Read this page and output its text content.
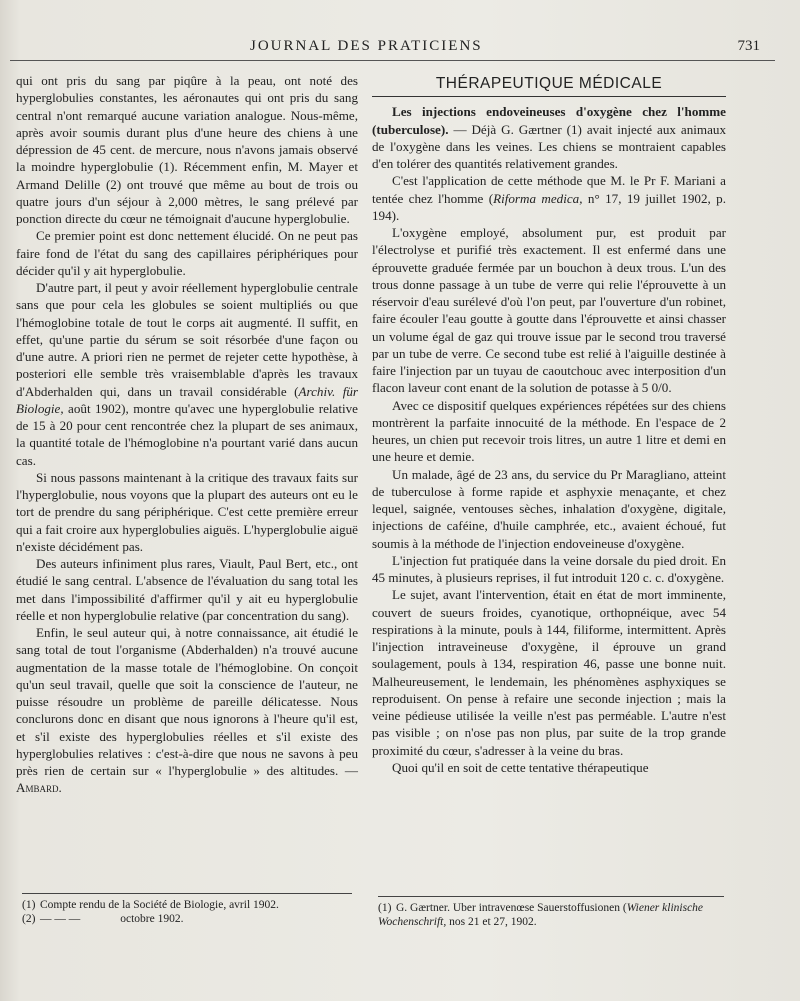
JOURNAL DES PRATICIENS	731

qui ont pris du sang par piqûre à la peau, ont noté des hyperglobulies constantes, les aéronautes qui ont pris du sang central n'ont remarqué aucune variation analogue. Nous-même, après avoir soumis durant plus d'une heure des chiens à une dépression de 45 cent. de mercure, nous n'avons jamais observé la moindre hyperglobulie (1). Récemment enfin, M. Mayer et Armand Delille (2) ont trouvé que même au bout de trois ou quatre jours d'un séjour à 2,000 mètres, le sang prélevé par ponction directe du cœur ne témoignait d'aucune hyperglobulie.

Ce premier point est donc nettement élucidé. On ne peut pas faire fond de l'état du sang des capillaires périphériques pour décider qu'il y ait hyperglobulie.

D'autre part, il peut y avoir réellement hyperglobulie centrale sans que pour cela les globules se soient multipliés ou que l'hémoglobine totale de tout le corps ait augmenté. Il suffit, en effet, qu'une partie du sérum se soit résorbée d'une façon ou d'une autre. A priori rien ne permet de rejeter cette hypothèse, à posteriori elle semble très vraisemblable d'après les travaux d'Abderhalden qui, dans un travail considérable (Archiv. für Biologie, août 1902), montre qu'avec une hyperglobulie relative de 15 à 20 pour cent rencontrée chez la plupart de ses animaux, la quantité totale de l'hémoglobine n'a pourtant varié dans aucun cas.

Si nous passons maintenant à la critique des travaux faits sur l'hyperglobulie, nous voyons que la plupart des auteurs ont eu le tort de prendre du sang périphérique. C'est cette première erreur qui a fait croire aux hyperglobulies aiguës. L'hyperglobulie aiguë n'existe décidément pas.

Des auteurs infiniment plus rares, Viault, Paul Bert, etc., ont étudié le sang central. L'absence de l'évaluation du sang total les met dans l'impossibilité d'affirmer qu'il y ait eu hyperglobulie réelle et non hyperglobulie relative (par concentration du sang).

Enfin, le seul auteur qui, à notre connaissance, ait étudié le sang total de tout l'organisme (Abderhalden) n'a trouvé aucune augmentation de la masse totale de l'hémoglobine. On conçoit qu'un seul travail, quelle que soit la conscience de l'auteur, ne puisse résoudre un problème de pareille délicatesse. Nous conclurons donc en disant que nous ignorons à l'heure qu'il est, et s'il existe des hyperglobulies réelles et s'il existe des hyperglobulies relatives : c'est-à-dire que nous ne savons à peu près rien de certain sur « l'hyperglobulie » des altitudes. — Ambard.

(1) Compte rendu de la Société de Biologie, avril 1902.

(2) — — —	octobre 1902.

THÉRAPEUTIQUE MÉDICALE

Les injections endoveineuses d'oxygène chez l'homme (tuberculose). — Déjà G. Gærtner (1) avait injecté aux animaux de l'oxygène dans les veines. Les chiens se montraient capables d'en tolérer des quantités relativement grandes.

C'est l'application de cette méthode que M. le Pr F. Mariani a tentée chez l'homme (Riforma medica, n° 17, 19 juillet 1902, p. 194).

L'oxygène employé, absolument pur, est produit par l'électrolyse et purifié très exactement. Il est enfermé dans une éprouvette graduée fermée par un bouchon à deux trous. L'un des trous donne passage à un tube de verre qui relie l'éprouvette à un réservoir d'eau surélevé d'où l'on peut, par l'ouverture d'un robinet, faire écouler l'eau goutte à goutte dans l'éprouvette et ainsi chasser un volume égal de gaz qui trouve issue par le second trou traversé par un tube de verre. Ce second tube est relié à l'aiguille destinée à faire l'injection par un tuyau de caoutchouc avec interposition d'un flacon laveur cont enant de la solution de potasse à 5 0/0.

Avec ce dispositif quelques expériences répétées sur des chiens montrèrent la parfaite innocuité de la méthode. En l'espace de 2 heures, un chien put recevoir trois litres, un autre 1 litre et demi en une heure et demie.

Un malade, âgé de 23 ans, du service du Pr Maragliano, atteint de tuberculose à forme rapide et asphyxie menaçante, et chez lequel, saignée, ventouses sèches, inhalation d'oxygène, digitale, injections de caféine, d'huile camphrée, etc., avaient échoué, fut soumis à la méthode de l'injection endoveineuse d'oxygène.

L'injection fut pratiquée dans la veine dorsale du pied droit. En 45 minutes, à plusieurs reprises, il fut introduit 120 c. c. d'oxygène.

Le sujet, avant l'intervention, était en état de mort imminente, couvert de sueurs froides, cyanotique, orthopnéique, avec 54 respirations à la minute, pouls à 144, filiforme, intermittent. Après l'injection intraveineuse d'oxygène, il éprouve un grand soulagement, pouls à 134, respiration 46, passe une bonne nuit. Malheureusement, le lendemain, les phénomènes asphyxiques se reproduisent. On pense à refaire une seconde injection ; mais la veine pédieuse utilisée la veille n'est pas perméable. L'autre n'est pas visible ; on n'ose pas non plus, par suite de la trop grande proximité du cœur, s'adresser à la veine du bras.

Quoi qu'il en soit de cette tentative thérapeutique

(1) G. Gærtner. Uber intravenœse Sauerstoffusionen (Wiener klinische Wochenschrift, nos 21 et 27, 1902.
